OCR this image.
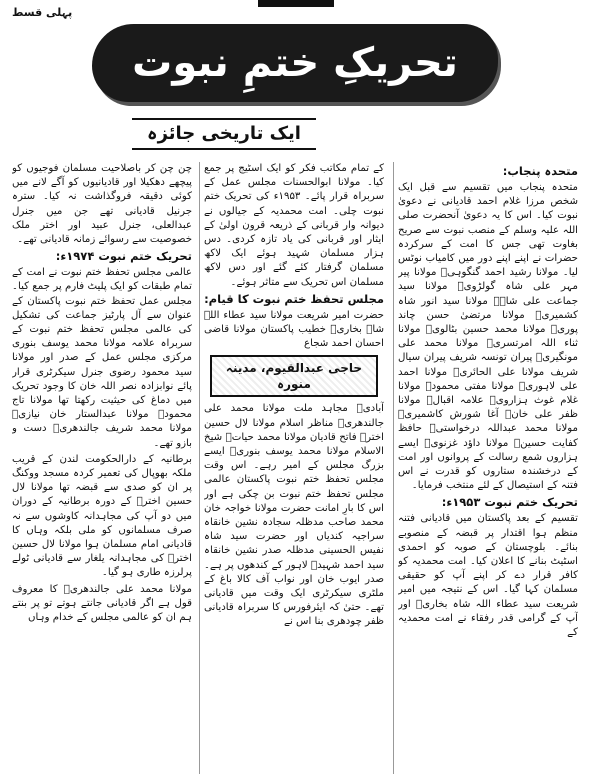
پہلی قسط
تحریکِ ختمِ نبوت
ایک تاریخی جائزہ
متحدہ پنجاب:

متحدہ پنجاب میں تقسیم سے قبل ایک شخص مرزا غلام احمد قادیانی نے دعویٰ نبوت کیا۔ اس کا یہ دعویٰ آنحضرت صلی اللہ علیہ وسلم کے منصب نبوت سے صریح بغاوت تھی جس کا امت کے سرکردہ حضرات نے اپنے اپنے دور میں کامیاب نوٹس لیا۔ مولانا رشید احمد گنگوہیؒ مولانا پیر مہر علی شاہ گولڑویؒ مولانا سید جماعت علی شاہؒ مولانا سید انور شاہ کشمیریؒ مولانا مرتضیٰ حسن چاند پوریؒ مولانا محمد حسین بٹالویؒ مولانا ثناء اللہ امرتسریؒ مولانا محمد علی مونگیریؒ پیران تونسہ شریف پیران سیال شریف مولانا علی الحائریؒ مولانا احمد علی لاہوریؒ مولانا مفتی محمودؒ مولانا غلام غوث ہزارویؒ علامہ اقبالؒ مولانا ظفر علی خانؒ آغا شورش کاشمیریؒ مولانا محمد عبداللہ درخواستیؒ حافظ کفایت حسینؒ مولانا داؤد غزنویؒ ایسے ہزاروں شمع رسالت کے پروانوں اور امت کے درخشندہ ستاروں کو قدرت نے اس فتنہ کے استیصال کے لئے منتخب فرمایا۔

تحریک ختم نبوت ۱۹۵۳ء:

تقسیم کے بعد پاکستان میں قادیانی فتنہ منظم ہوا اقتدار پر قبضہ کے منصوبے بنائے۔ بلوچستان کے صوبہ کو احمدی اسٹیٹ بنانے کا اعلان کیا۔ امت محمدیہ کو کافر قرار دے کر اپنے آپ کو حقیقی مسلمان کہا گیا۔ اس کے نتیجہ میں امیر شریعت سید عطاء اللہ شاہ بخاریؒ اور آپ کے گرامی قدر رفقاء نے امت محمدیہ کے

کے تمام مکاتب فکر کو ایک اسٹیج پر جمع کیا۔ مولانا ابوالحسنات مجلس عمل کے سربراہ قرار پائے۔ ۱۹۵۳ء کی تحریک ختم نبوت چلی۔ امت محمدیہ کے جیالوں نے دیوانہ وار قربانی کے ذریعہ قرون اولیٰ کے ایثار اور قربانی کی یاد تازہ کردی۔ دس ہزار مسلمان شہید ہوئے ایک لاکھ مسلمان گرفتار کئے گئے اور دس لاکھ مسلمان اس تحریک سے متاثر ہوئے۔

مجلس تحفظ ختم نبوت کا قیام:

حضرت امیر شریعت مولانا سید عطاء اللہ شاہ بخاریؒ خطیب پاکستان مولانا قاضی احسان احمد شجاع

حاجی عبدالقیوم، مدینہ منورہ

آبادیؒ مجاہد ملت مولانا محمد علی جالندھریؒ مناظر اسلام مولانا لال حسین اخترؒ فاتح قادیان مولانا محمد حیاتؒ شیخ الاسلام مولانا محمد یوسف بنوریؒ ایسے بزرگ مجلس کے امیر رہے۔ اس وقت مجلس تحفظ ختم نبوت پاکستان عالمی مجلس تحفظ ختم نبوت بن چکی ہے اور اس کا بارِ امانت حضرت مولانا خواجہ خان محمد صاحب مدظلہ سجادہ نشین خانقاہ سراجیہ کندیاں اور حضرت سید شاہ نفیس الحسینی مدظلہ صدر نشین خانقاہ سید احمد شہیدؒ لاہور کے کندھوں پر ہے۔ صدر ایوب خان اور نواب آف کالا باغ کے ملٹری سیکرٹری ایک وقت میں قادیانی تھے۔ حتیٰ کہ ایئرفورس کا سربراہ قادیانی ظفر چودھری بنا اس نے

چن چن کر باصلاحیت مسلمان فوجیوں کو پیچھے دھکیلا اور قادیانیوں کو آگے لانے میں کوئی دقیقہ فروگذاشت نہ کیا۔ سترہ جرنیل قادیانی تھے جن میں جنرل عبدالعلی، جنرل عبید اور اختر ملک خصوصیت سے رسوائے زمانہ قادیانی تھے۔

تحریک ختم نبوت ۱۹۷۴ء:

عالمی مجلس تحفظ ختم نبوت نے امت کے تمام طبقات کو ایک پلیٹ فارم پر جمع کیا۔ مجلس عمل تحفظ ختم نبوت پاکستان کے عنوان سے آل پارٹیز جماعت کی تشکیل کی عالمی مجلس تحفظ ختم نبوت کے سربراہ علامہ مولانا محمد یوسف بنوری مرکزی مجلس عمل کے صدر اور مولانا سید محمود رضوی جنرل سیکرٹری قرار پائے نوابزادہ نصر اللہ خان کا وجود تحریک میں دماغ کی حیثیت رکھتا تھا مولانا تاج محمودؒ مولانا عبدالستار خان نیازیؒ مولانا محمد شریف جالندھریؒ دست و بازو تھے۔

برطانیہ کے دارالحکومت لندن کے قریب ملکہ بھوپال کی تعمیر کردہ مسجد ووکنگ پر ان کو صدی سے قبضہ تھا مولانا لال حسین اخترؒ کے دورہ برطانیہ کے دوران میں دو آپ کی مجاہدانہ کاوشوں سے نہ صرف مسلمانوں کو ملی بلکہ وہاں کا قادیانی امام مسلمان ہوا مولانا لال حسین اخترؒ کی مجاہدانہ یلغار سے قادیانی ٹولے پرلرزہ طاری ہو گیا۔

مولانا محمد علی جالندھریؒ کا معروف قول ہے اگر قادیانی جانتے ہوتے تو پر بنتے ہم ان کو عالمی مجلس کے خدام وہاں
